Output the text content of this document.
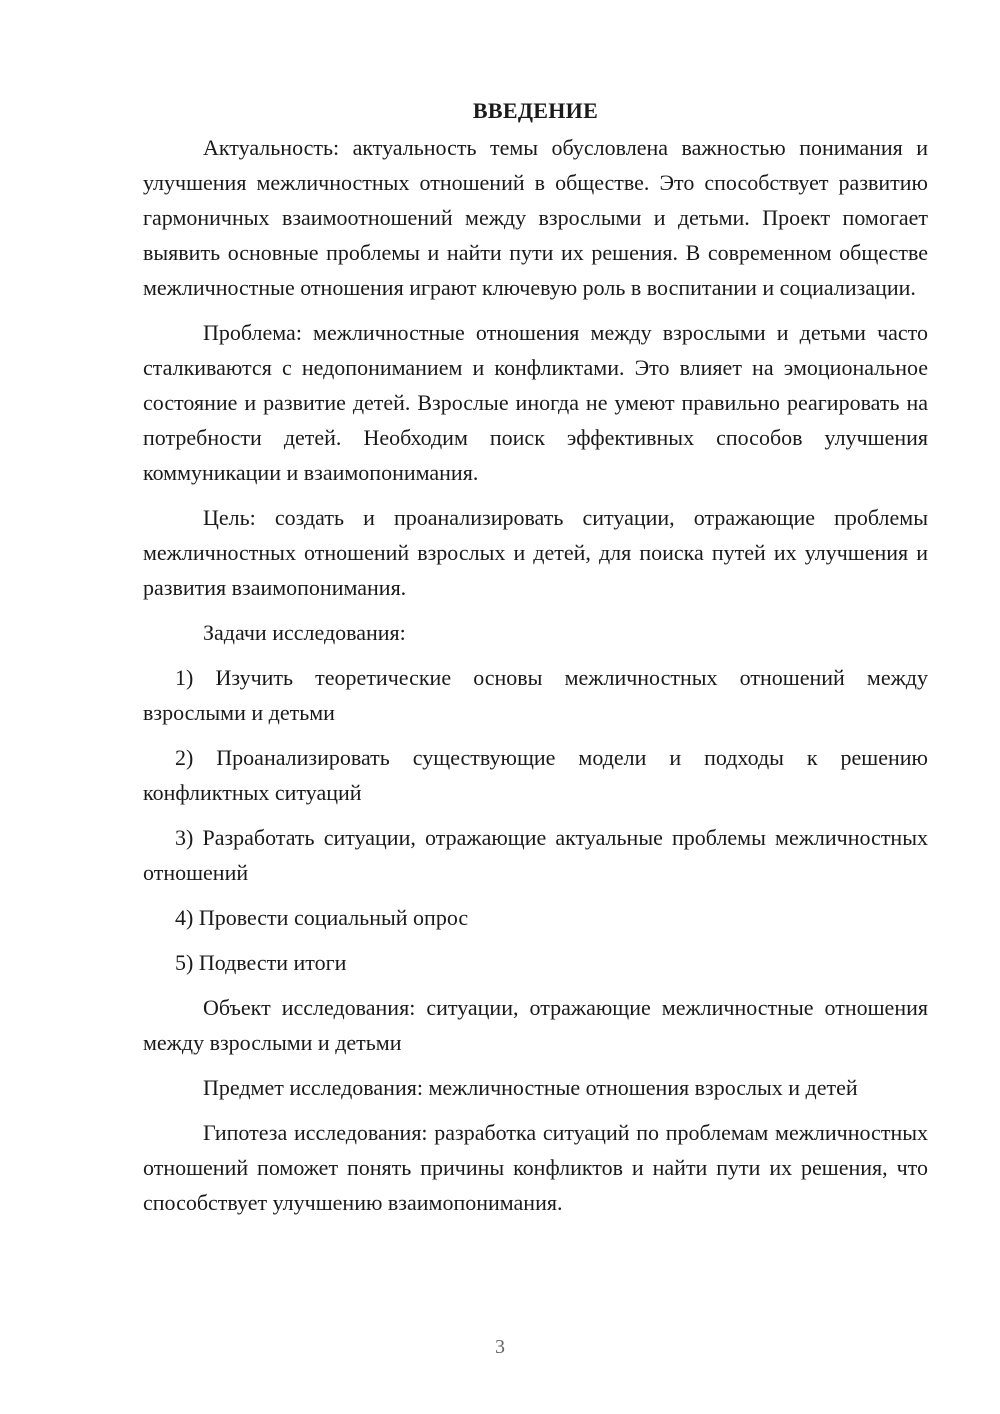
ВВЕДЕНИЕ

Актуальность: актуальность темы обусловлена важностью понимания и улучшения межличностных отношений в обществе. Это способствует развитию гармоничных взаимоотношений между взрослыми и детьми. Проект помогает выявить основные проблемы и найти пути их решения. В современном обществе межличностные отношения играют ключевую роль в воспитании и социализации.

Проблема: межличностные отношения между взрослыми и детьми часто сталкиваются с недопониманием и конфликтами. Это влияет на эмоциональное состояние и развитие детей. Взрослые иногда не умеют правильно реагировать на потребности детей. Необходим поиск эффективных способов улучшения коммуникации и взаимопонимания.

Цель: создать и проанализировать ситуации, отражающие проблемы межличностных отношений взрослых и детей, для поиска путей их улучшения и развития взаимопонимания.

Задачи исследования:

1) Изучить теоретические основы межличностных отношений между взрослыми и детьми

2) Проанализировать существующие модели и подходы к решению конфликтных ситуаций

3) Разработать ситуации, отражающие актуальные проблемы межличностных отношений

4) Провести социальный опрос

5) Подвести итоги

Объект исследования: ситуации, отражающие межличностные отношения между взрослыми и детьми

Предмет исследования: межличностные отношения взрослых и детей

Гипотеза исследования: разработка ситуаций по проблемам межличностных отношений поможет понять причины конфликтов и найти пути их решения, что способствует улучшению взаимопонимания.

3
